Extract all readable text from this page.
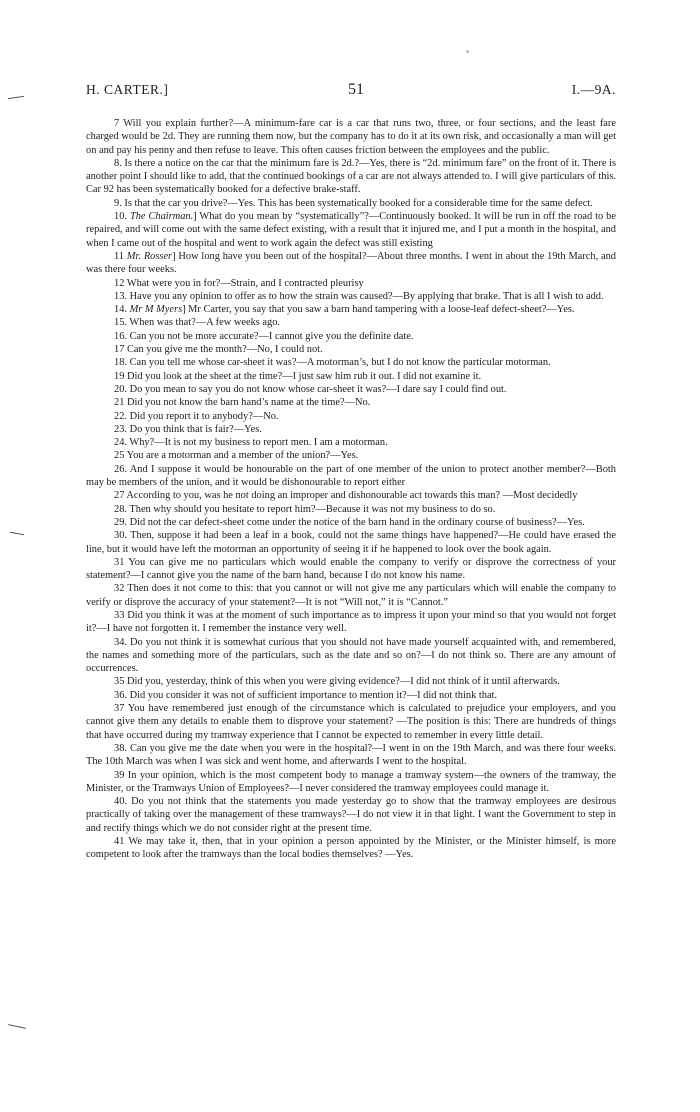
H. CARTER.]	51	I.—9A.

7 Will you explain further?—A minimum-fare car is a car that runs two, three, or four sections, and the least fare charged would be 2d. They are running them now, but the company has to do it at its own risk, and occasionally a man will get on and pay his penny and then refuse to leave. This often causes friction between the employees and the public.

8. Is there a notice on the car that the minimum fare is 2d.?—Yes, there is “2d. minimum fare” on the front of it. There is another point I should like to add, that the continued bookings of a car are not always attended to. I will give particulars of this. Car 92 has been systematically booked for a defective brake-staff.

9. Is that the car you drive?—Yes. This has been systematically booked for a considerable time for the same defect.

10. The Chairman.] What do you mean by “systematically”?—Continuously booked. It will be run in off the road to be repaired, and will come out with the same defect existing, with a result that it injured me, and I put a month in the hospital, and when I came out of the hospital and went to work again the defect was still existing

11 Mr. Rosser] How long have you been out of the hospital?—About three months. I went in about the 19th March, and was there four weeks.

12 What were you in for?—Strain, and I contracted pleurisy

13. Have you any opinion to offer as to how the strain was caused?—By applying that brake. That is all I wish to add.

14. Mr M Myers] Mr Carter, you say that you saw a barn hand tampering with a loose-leaf defect-sheet?—Yes.

15. When was that?—A few weeks ago.

16. Can you not be more accurate?—I cannot give you the definite date.

17 Can you give me the month?—No, I could not.

18. Can you tell me whose car-sheet it was?—A motorman’s, but I do not know the particular motorman.

19 Did you look at the sheet at the time?—I just saw him rub it out. I did not examine it.

20. Do you mean to say you do not know whose car-sheet it was?—I dare say I could find out.

21 Did you not know the barn hand’s name at the time?—No.

22. Did you report it to anybody?—No.

23. Do you think that is fair?—Yes.

24. Why?—It is not my business to report men. I am a motorman.

25 You are a motorman and a member of the union?—Yes.

26. And I suppose it would be honourable on the part of one member of the union to protect another member?—Both may be members of the union, and it would be dishonourable to report either

27 According to you, was he not doing an improper and dishonourable act towards this man? —Most decidedly

28. Then why should you hesitate to report him?—Because it was not my business to do so.

29. Did not the car defect-sheet come under the notice of the barn hand in the ordinary course of business?—Yes.

30. Then, suppose it had been a leaf in a book, could not the same things have happened?—He could have erased the line, but it would have left the motorman an opportunity of seeing it if he happened to look over the book again.

31 You can give me no particulars which would enable the company to verify or disprove the correctness of your statement?—I cannot give you the name of the barn hand, because I do not know his name.

32 Then does it not come to this: that you cannot or will not give me any particulars which will enable the company to verify or disprove the accuracy of your statement?—It is not “Will not,” it is “Cannot.”

33 Did you think it was at the moment of such importance as to impress it upon your mind so that you would not forget it?—I have not forgotten it. I remember the instance very well.

34. Do you not think it is somewhat curious that you should not have made yourself acquainted with, and remembered, the names and something more of the particulars, such as the date and so on?—I do not think so. There are any amount of occurrences.

35 Did you, yesterday, think of this when you were giving evidence?—I did not think of it until afterwards.

36. Did you consider it was not of sufficient importance to mention it?—I did not think that.

37 You have remembered just enough of the circumstance which is calculated to prejudice your employers, and you cannot give them any details to enable them to disprove your statement? —The position is this: There are hundreds of things that have occurred during my tramway experience that I cannot be expected to remember in every little detail.

38. Can you give me the date when you were in the hospital?—I went in on the 19th March, and was there four weeks. The 10th March was when I was sick and went home, and afterwards I went to the hospital.

39 In your opinion, which is the most competent body to manage a tramway system—the owners of the tramway, the Minister, or the Tramways Union of Employees?—I never considered the tramway employees could manage it.

40. Do you not think that the statements you made yesterday go to show that the tramway employees are desirous practically of taking over the management of these tramways?—I do not view it in that light. I want the Government to step in and rectify things which we do not consider right at the present time.

41 We may take it, then, that in your opinion a person appointed by the Minister, or the Minister himself, is more competent to look after the tramways than the local bodies themselves? —Yes.
